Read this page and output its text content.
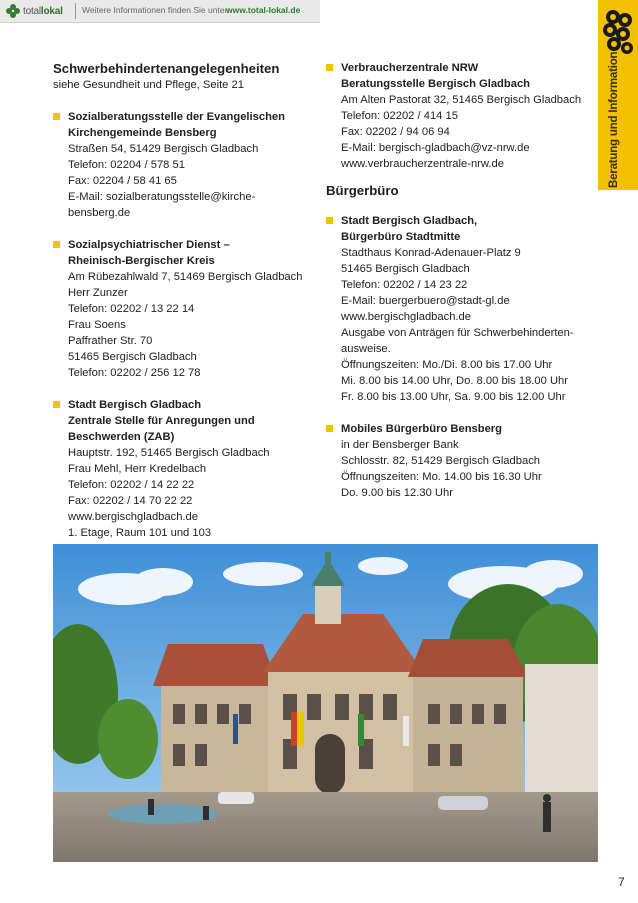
totallokal Weitere Informationen finden Sie unter:
www.total-lokal.de
Beratung und Information
Schwerbehindertenangelegenheiten
siehe Gesundheit und Pflege, Seite 21
Sozialberatungsstelle der Evangelischen
Kirchengemeinde Bensberg
Straßen 54, 51429 Bergisch Gladbach
Telefon: 02204 / 578 51
Fax: 02204 / 58 41 65
E-Mail: sozialberatungsstelle@kirche-bensberg.de
Sozialpsychiatrischer Dienst –
Rheinisch-Bergischer Kreis
Am Rübezahlwald 7, 51469 Bergisch Gladbach
Herr Zunzer
Telefon: 02202 / 13 22 14
Frau Soens
Paffrather Str. 70
51465 Bergisch Gladbach
Telefon: 02202 / 256 12 78
Stadt Bergisch Gladbach
Zentrale Stelle für Anregungen und
Beschwerden (ZAB)
Hauptstr. 192, 51465 Bergisch Gladbach
Frau Mehl, Herr Kredelbach
Telefon: 02202 / 14 22 22
Fax: 02202 / 14 70 22 22
www.bergischgladbach.de
1. Etage, Raum 101 und 103
Verbraucherzentrale NRW
Beratungsstelle Bergisch Gladbach
Am Alten Pastorat 32, 51465 Bergisch Gladbach
Telefon: 02202 / 414 15
Fax: 02202 / 94 06 94
E-Mail: bergisch-gladbach@vz-nrw.de
www.verbraucherzentrale-nrw.de
Bürgerbüro
Stadt Bergisch Gladbach,
Bürgerbüro Stadtmitte
Stadthaus Konrad-Adenauer-Platz 9
51465 Bergisch Gladbach
Telefon: 02202 / 14 23 22
E-Mail: buergerbuero@stadt-gl.de
www.bergischgladbach.de
Ausgabe von Anträgen für Schwerbehinderten-
ausweise.
Öffnungszeiten: Mo./Di. 8.00 bis 17.00 Uhr
Mi. 8.00 bis 14.00 Uhr, Do. 8.00 bis 18.00 Uhr
Fr. 8.00 bis 13.00 Uhr, Sa. 9.00 bis 12.00 Uhr
Mobiles Bürgerbüro Bensberg
in der Bensberger Bank
Schlosstr. 82, 51429 Bergisch Gladbach
Öffnungszeiten: Mo. 14.00 bis 16.30 Uhr
Do. 9.00 bis 12.30 Uhr
7
